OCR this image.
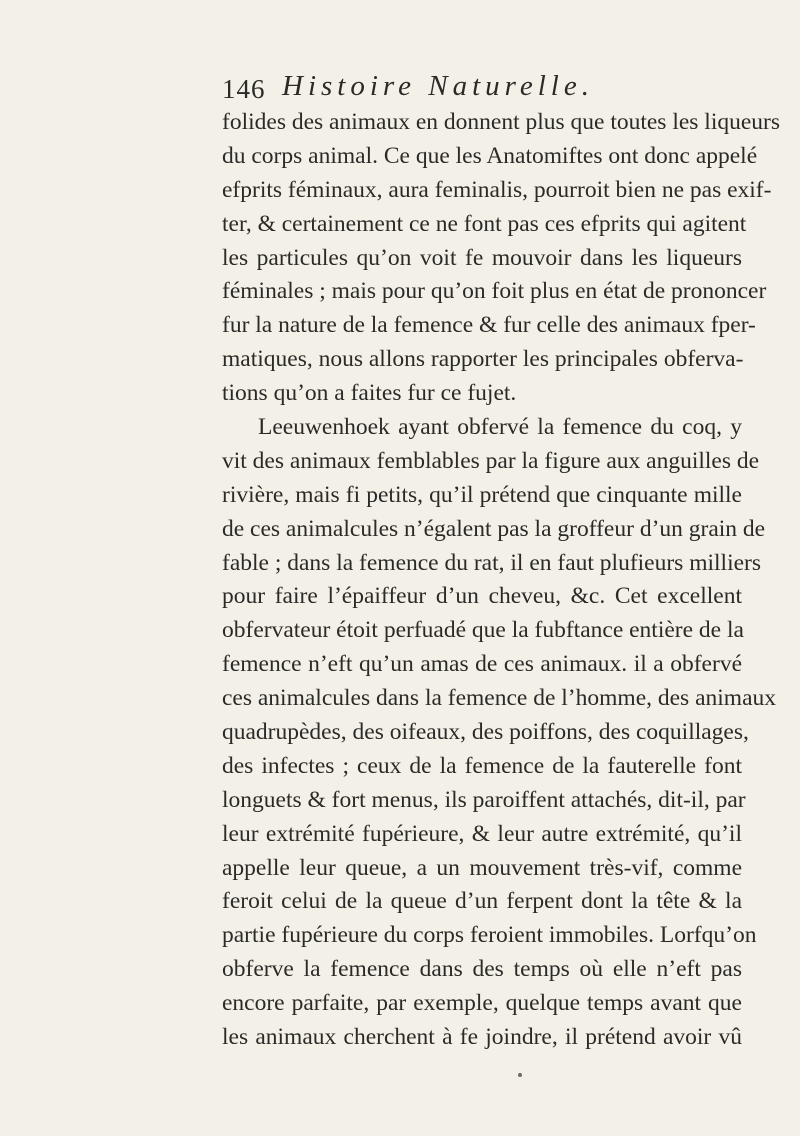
146 Histoire Naturelle.
folides des animaux en donnent plus que toutes les liqueurs
du corps animal. Ce que les Anatomiftes ont donc appelé
efprits féminaux, aura feminalis, pourroit bien ne pas exif-
ter, & certainement ce ne font pas ces efprits qui agitent
les particules qu’on voit fe mouvoir dans les liqueurs
féminales ; mais pour qu’on foit plus en état de prononcer
fur la nature de la femence & fur celle des animaux fper-
matiques, nous allons rapporter les principales obferva-
tions qu’on a faites fur ce fujet.
Leeuwenhoek ayant obfervé la femence du coq, y
vit des animaux femblables par la figure aux anguilles de
rivière, mais fi petits, qu’il prétend que cinquante mille
de ces animalcules n’égalent pas la groffeur d’un grain de
fable ; dans la femence du rat, il en faut plufieurs milliers
pour faire l’épaiffeur d’un cheveu, &c. Cet excellent
obfervateur étoit perfuadé que la fubftance entière de la
femence n’eft qu’un amas de ces animaux. il a obfervé
ces animalcules dans la femence de l’homme, des animaux
quadrupèdes, des oifeaux, des poiffons, des coquillages,
des infectes ; ceux de la femence de la fauterelle font
longuets & fort menus, ils paroiffent attachés, dit-il, par
leur extrémité fupérieure, & leur autre extrémité, qu’il
appelle leur queue, a un mouvement très-vif, comme
feroit celui de la queue d’un ferpent dont la tête & la
partie fupérieure du corps feroient immobiles. Lorfqu’on
obferve la femence dans des temps où elle n’eft pas
encore parfaite, par exemple, quelque temps avant que
les animaux cherchent à fe joindre, il prétend avoir vû
